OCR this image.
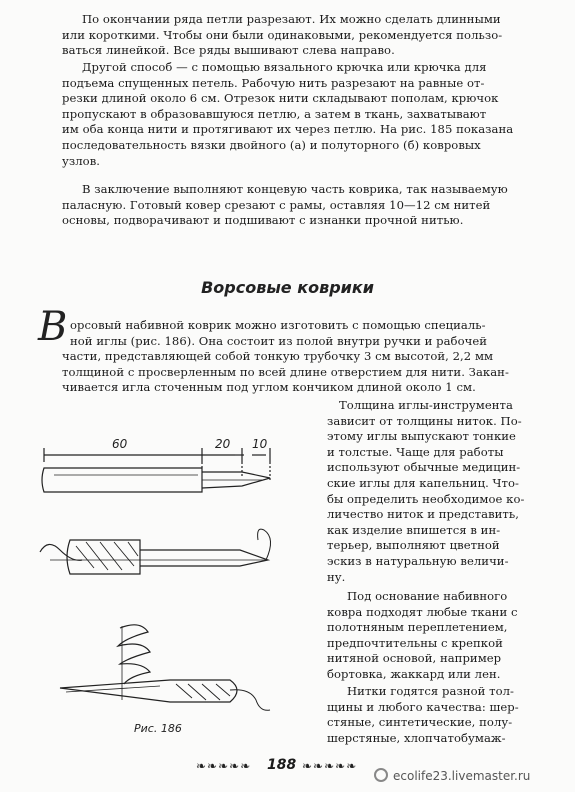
По окончании ряда петли разрезают. Их можно сделать длинными
или короткими. Чтобы они были одинаковыми, рекомендуется пользо-
ваться линейкой. Все ряды вышивают слева направо.
Другой способ — с помощью вязального крючка или крючка для
подъема спущенных петель. Рабочую нить разрезают на равные от-
резки длиной около 6 см. Отрезок нити складывают пополам, крючок
пропускают в образовавшуюся петлю, а затем в ткань, захватывают
им оба конца нити и протягивают их через петлю. На рис. 185 показана
последовательность вязки двойного (а) и полуторного (б) ковровых
узлов.
В заключение выполняют концевую часть коврика, так называемую
паласную. Готовый ковер срезают с рамы, оставляя 10—12 см нитей
основы, подворачивают и подшивают с изнанки прочной нитью.
Ворсовые коврики
В орсовый набивной коврик можно изготовить с помощью специаль-
ной иглы (рис. 186). Она состоит из полой внутри ручки и рабочей
части, представляющей собой тонкую трубочку 3 см высотой, 2,2 мм
толщиной с просверленным по всей длине отверстием для нити. Закан-
чивается игла сточенным под углом кончиком длиной около 1 см.
Толщина иглы-инструмента
зависит от толщины ниток. По-
этому иглы выпускают тонкие
и толстые. Чаще для работы
используют обычные медицин-
ские иглы для капельниц. Что-
бы определить необходимое ко-
личество ниток и представить,
как изделие впишется в ин-
терьер, выполняют цветной
эскиз в натуральную величи-
ну.
Под основание набивного
ковра подходят любые ткани с
полотняным переплетением,
предпочтительны с крепкой
нитяной основой, например
бортовка, жаккард или лен.
Нитки годятся разной тол-
щины и любого качества: шер-
стяные, синтетические, полу-
шерстяные, хлопчатобумаж-
60	20 10
Рис. 186
❧❧❧❧❧ 188 ❧❧❧❧❧
ecolife23.livemaster.ru
